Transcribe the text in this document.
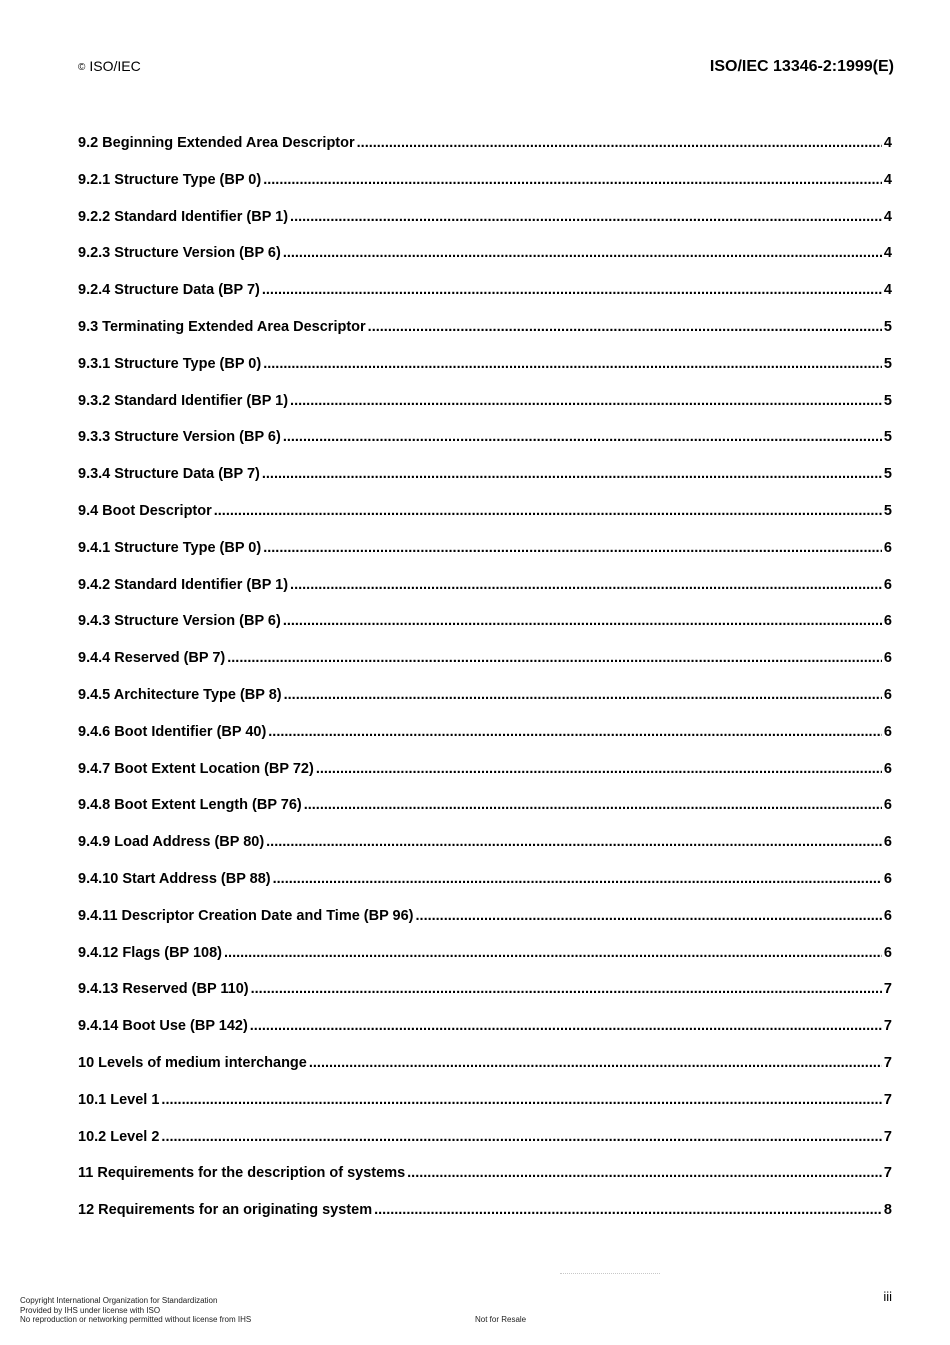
© ISO/IEC	ISO/IEC 13346-2:1999(E)
9.2 Beginning Extended Area Descriptor .....	4
9.2.1 Structure Type (BP 0) .....	4
9.2.2 Standard Identifier (BP 1) .....	4
9.2.3 Structure Version (BP 6) .....	4
9.2.4 Structure Data (BP 7) .....	4
9.3 Terminating Extended Area Descriptor .....	5
9.3.1 Structure Type (BP 0) .....	5
9.3.2 Standard Identifier (BP 1) .....	5
9.3.3 Structure Version (BP 6) .....	5
9.3.4 Structure Data (BP 7) .....	5
9.4 Boot Descriptor .....	5
9.4.1 Structure Type (BP 0) .....	6
9.4.2 Standard Identifier (BP 1) .....	6
9.4.3 Structure Version (BP 6) .....	6
9.4.4 Reserved (BP 7) .....	6
9.4.5 Architecture Type (BP 8) .....	6
9.4.6 Boot Identifier (BP 40) .....	6
9.4.7 Boot Extent Location (BP 72) .....	6
9.4.8 Boot Extent Length (BP 76) .....	6
9.4.9 Load Address (BP 80) .....	6
9.4.10 Start Address (BP 88) .....	6
9.4.11 Descriptor Creation Date and Time (BP 96) .....	6
9.4.12 Flags (BP 108) .....	6
9.4.13 Reserved (BP 110) .....	7
9.4.14 Boot Use (BP 142) .....	7
10 Levels of medium interchange .....	7
10.1 Level 1 .....	7
10.2 Level 2 .....	7
11 Requirements for the description of systems .....	7
12 Requirements for an originating system .....	8
iii
Copyright International Organization for Standardization
Provided by IHS under license with ISO
No reproduction or networking permitted without license from IHS	Not for Resale
